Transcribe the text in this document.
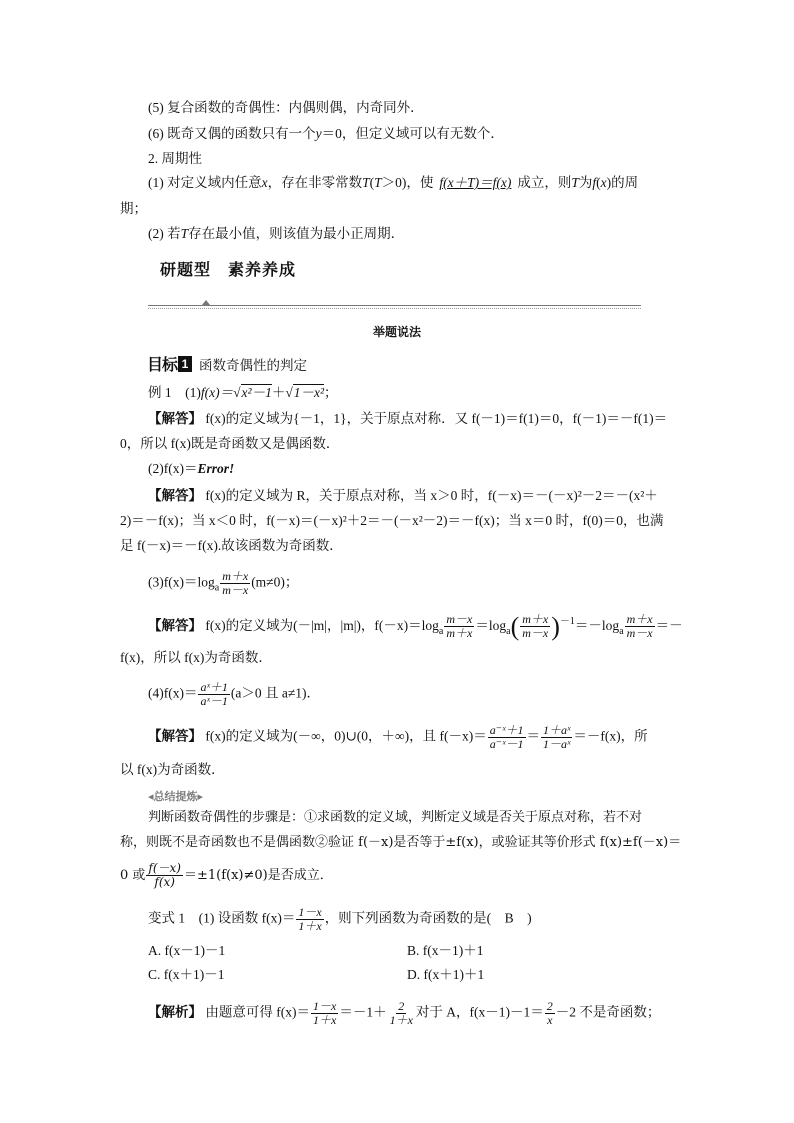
(5) 复合函数的奇偶性：内偶则偶，内奇同外．
(6) 既奇又偶的函数只有一个y＝0，但定义域可以有无数个．
2. 周期性
(1) 对定义域内任意x，存在非零常数T(T＞0)，使 f(x＋T)＝f(x) 成立，则T为f(x)的周
期；
(2) 若T存在最小值，则该值为最小正周期．
研题型　素养养成
举题说法
目标 1 函数奇偶性的判定
例 1　(1)f(x)＝√x²－1＋√1－x²；
【解答】 f(x)的定义域为{－1，1}，关于原点对称．又 f(－1)＝f(1)＝0，f(－1)＝－f(1)＝
0，所以 f(x)既是奇函数又是偶函数．
(2)f(x)＝Error!
【解答】 f(x)的定义域为 R，关于原点对称，当 x＞0 时，f(－x)＝－(－x)²－2＝－(x²＋
2)＝－f(x)；当 x＜0 时，f(－x)＝(－x)²＋2＝－(－x²－2)＝－f(x)；当 x＝0 时，f(0)＝0，也满
足 f(－x)＝－f(x).故该函数为奇函数．
$(3)f(x)=\log_a \frac{m+x}{m-x} (m\ne 0)$；
【解答】 f(x)的定义域为(－|m|，|m|)，$f(-x)=\log_a \frac{m-x}{m+x} =\log_a( \frac{m+x}{m-x} )^{-1}=-\log_a \frac{m+x}{m-x}$ ＝－
f(x)，所以 f(x)为奇函数．
$(4)f(x)= \frac{\text{aˣ＋1}}{\text{aˣ－1}} (a>0$ 且 a≠1)．
【解答】 f(x)的定义域为(－∞，0)∪(0，＋∞)，且 $f(-x)= \frac{\text{a⁻ˣ＋1}}{\text{a⁻ˣ－1}} = \frac{\text{1＋aˣ}}{\text{1－aˣ}} =-f(x)$，所
以 f(x)为奇函数．
◂总结提炼▸
判断函数奇偶性的步骤是：①求函数的定义域，判断定义域是否关于原点对称，若不对
称，则既不是奇函数也不是偶函数②验证 f(－x)是否等于±f(x)，或验证其等价形式 f(x)±f(－x)＝
0 或 $\frac{f(-x)}{f(x)} =\pm 1(f(x)\ne 0)$是否成立．
变式 1　(1) 设函数 $f(x)= \frac{1-x}{1+x}$ ，则下列函数为奇函数的是(　B　)
A. f(x－1)－1	B. f(x－1)＋1
C. f(x＋1)－1	D. f(x＋1)＋1
【解析】 由题意可得 $f(x)= \frac{1-x}{1+x} =-1+ \frac{2}{1+x}$ 对于 A，$f(x-1)-1= \frac{2}{x} -2$ 不是奇函数；
